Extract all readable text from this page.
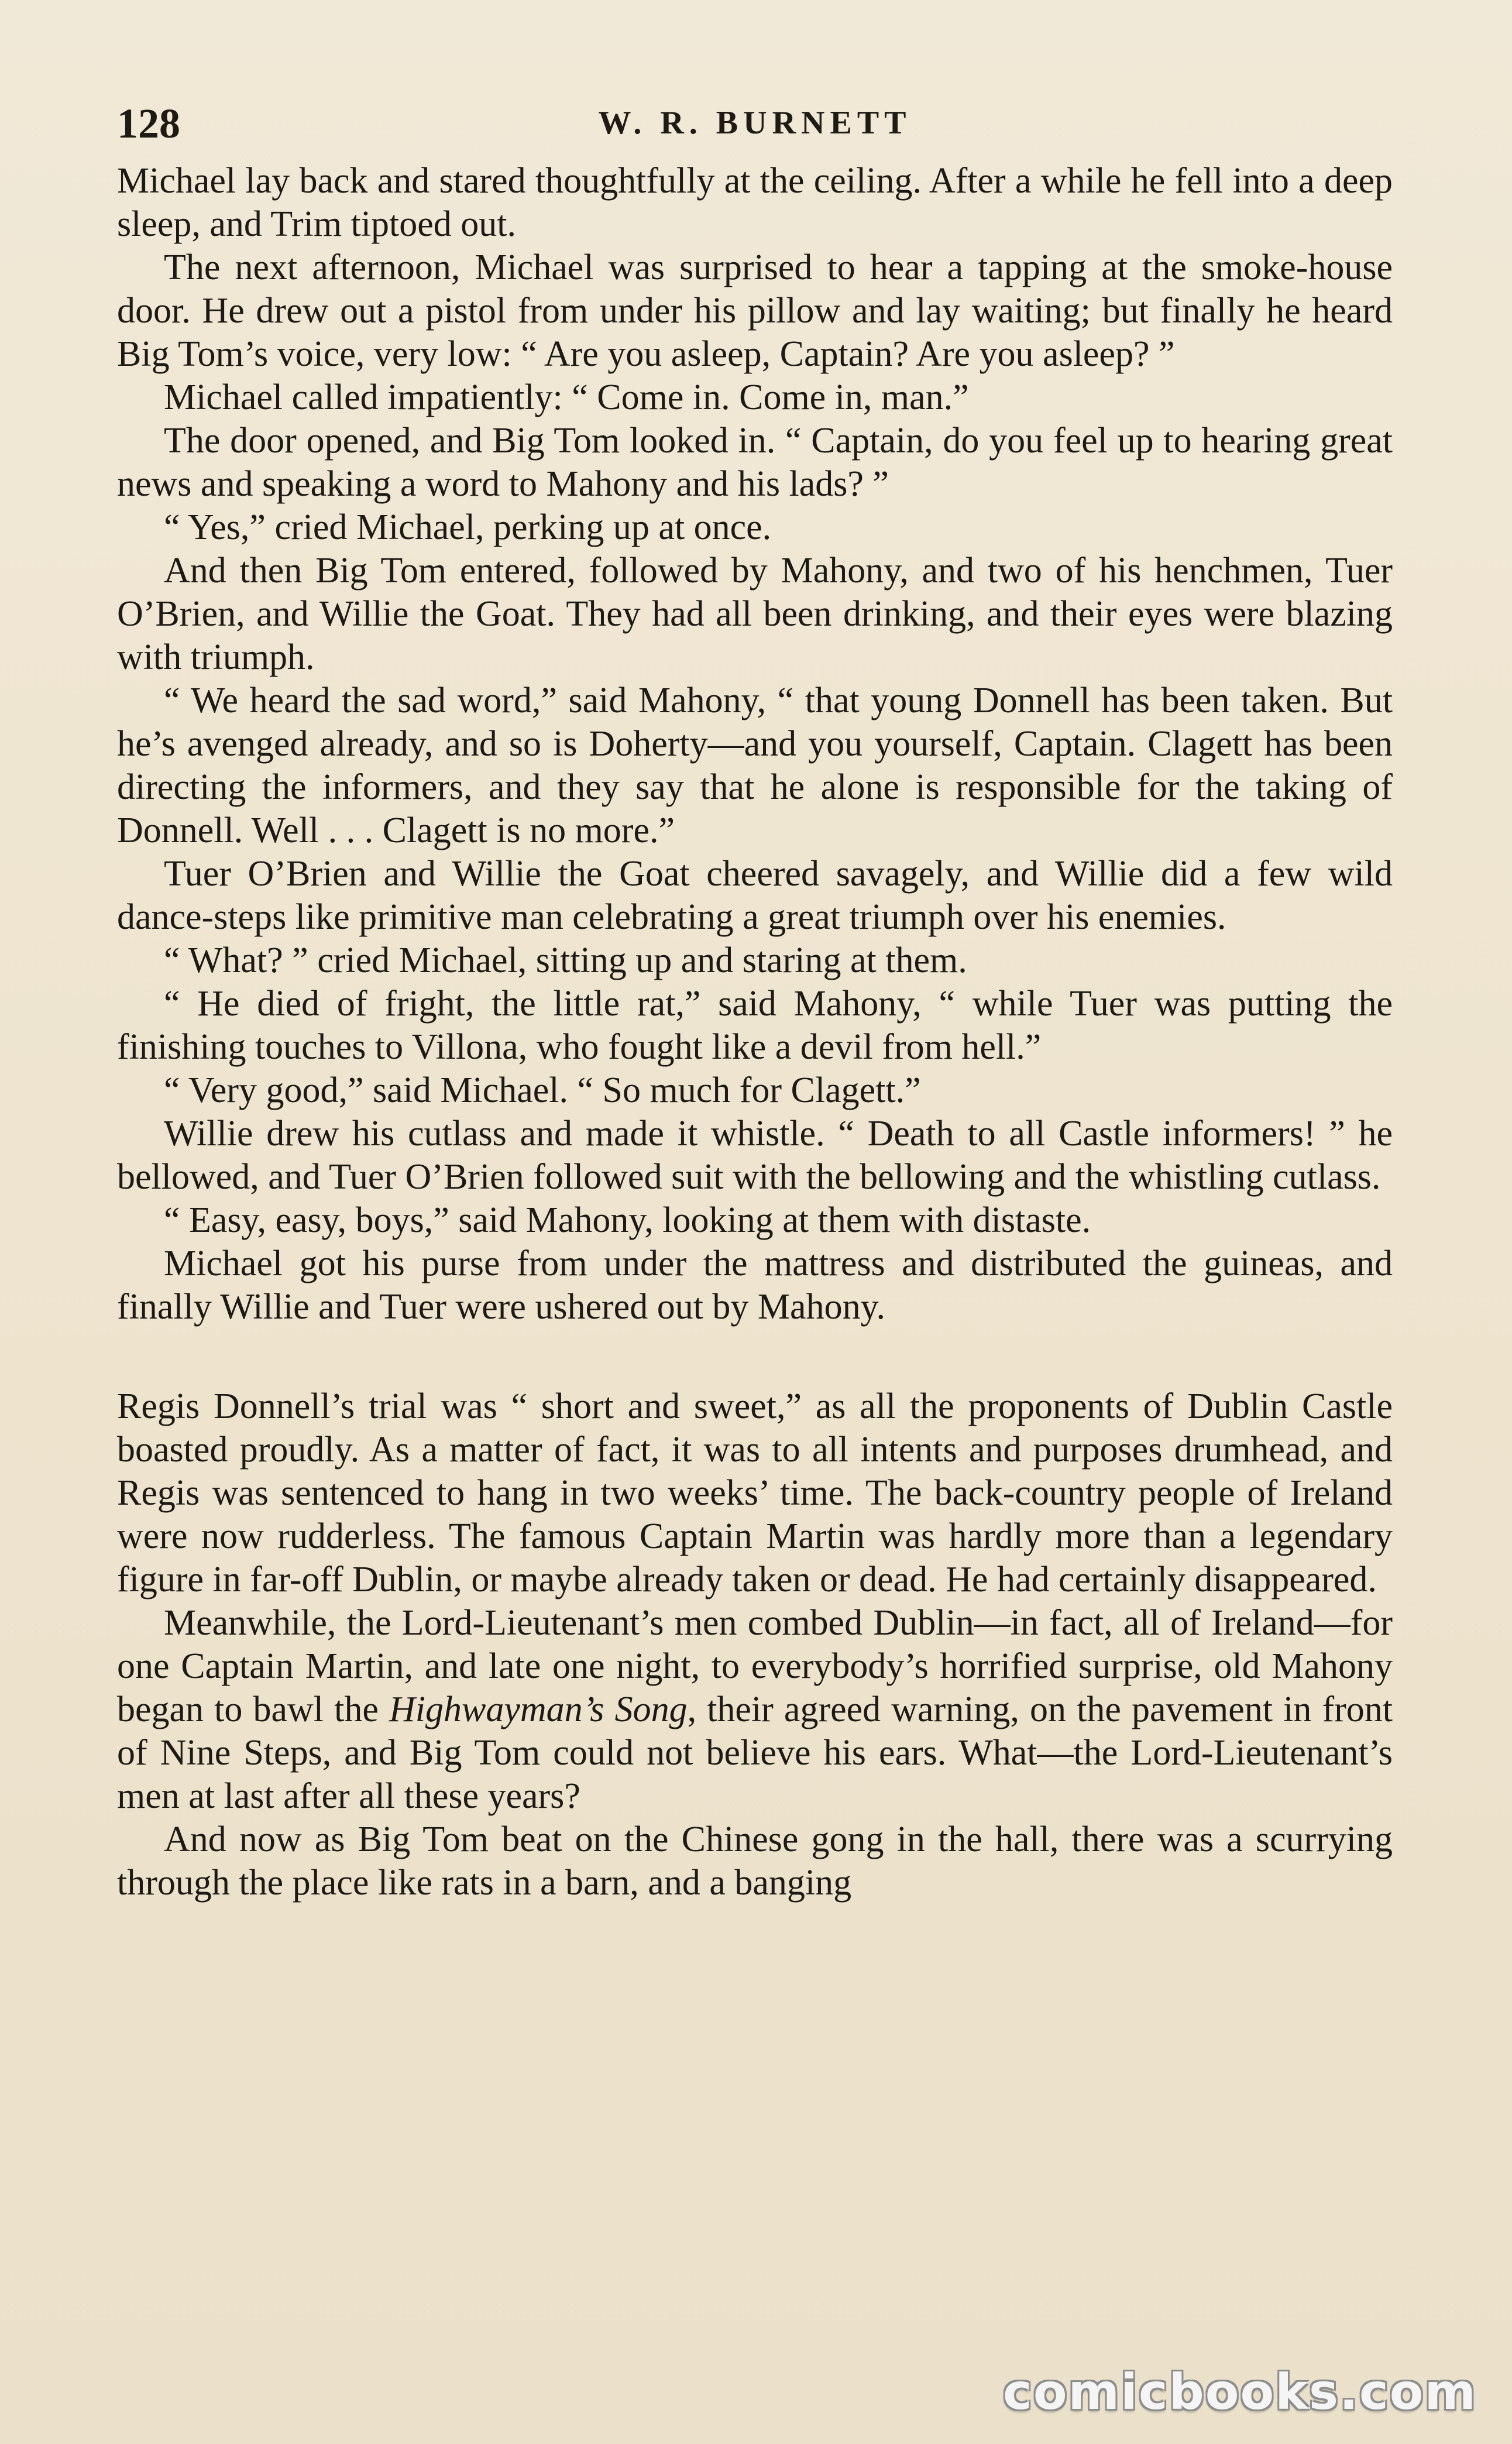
128	W. R. BURNETT

Michael lay back and stared thoughtfully at the ceiling. After a while he fell into a deep sleep, and Trim tiptoed out.

The next afternoon, Michael was surprised to hear a tapping at the smoke-house door. He drew out a pistol from under his pillow and lay waiting; but finally he heard Big Tom’s voice, very low: “ Are you asleep, Captain? Are you asleep? ”

Michael called impatiently: “ Come in. Come in, man.”

The door opened, and Big Tom looked in. “ Captain, do you feel up to hearing great news and speaking a word to Mahony and his lads? ”

“ Yes,” cried Michael, perking up at once.

And then Big Tom entered, followed by Mahony, and two of his henchmen, Tuer O’Brien, and Willie the Goat. They had all been drinking, and their eyes were blazing with triumph.

“ We heard the sad word,” said Mahony, “ that young Donnell has been taken. But he’s avenged already, and so is Doherty—and you yourself, Captain. Clagett has been directing the informers, and they say that he alone is responsible for the taking of Donnell. Well . . . Clagett is no more.”

Tuer O’Brien and Willie the Goat cheered savagely, and Willie did a few wild dance-steps like primitive man celebrating a great triumph over his enemies.

“ What? ” cried Michael, sitting up and staring at them.

“ He died of fright, the little rat,” said Mahony, “ while Tuer was putting the finishing touches to Villona, who fought like a devil from hell.”

“ Very good,” said Michael. “ So much for Clagett.”

Willie drew his cutlass and made it whistle. “ Death to all Castle informers! ” he bellowed, and Tuer O’Brien followed suit with the bellowing and the whistling cutlass.

“ Easy, easy, boys,” said Mahony, looking at them with distaste.

Michael got his purse from under the mattress and distributed the guineas, and finally Willie and Tuer were ushered out by Mahony.

Regis Donnell’s trial was “ short and sweet,” as all the proponents of Dublin Castle boasted proudly. As a matter of fact, it was to all intents and purposes drumhead, and Regis was sentenced to hang in two weeks’ time. The back-country people of Ireland were now rudderless. The famous Captain Martin was hardly more than a legendary figure in far-off Dublin, or maybe already taken or dead. He had certainly disappeared.

Meanwhile, the Lord-Lieutenant’s men combed Dublin—in fact, all of Ireland—for one Captain Martin, and late one night, to everybody’s horrified surprise, old Mahony began to bawl the Highwayman’s Song, their agreed warning, on the pavement in front of Nine Steps, and Big Tom could not believe his ears. What—the Lord-Lieutenant’s men at last after all these years?

And now as Big Tom beat on the Chinese gong in the hall, there was a scurrying through the place like rats in a barn, and a banging

comicbooks.com
